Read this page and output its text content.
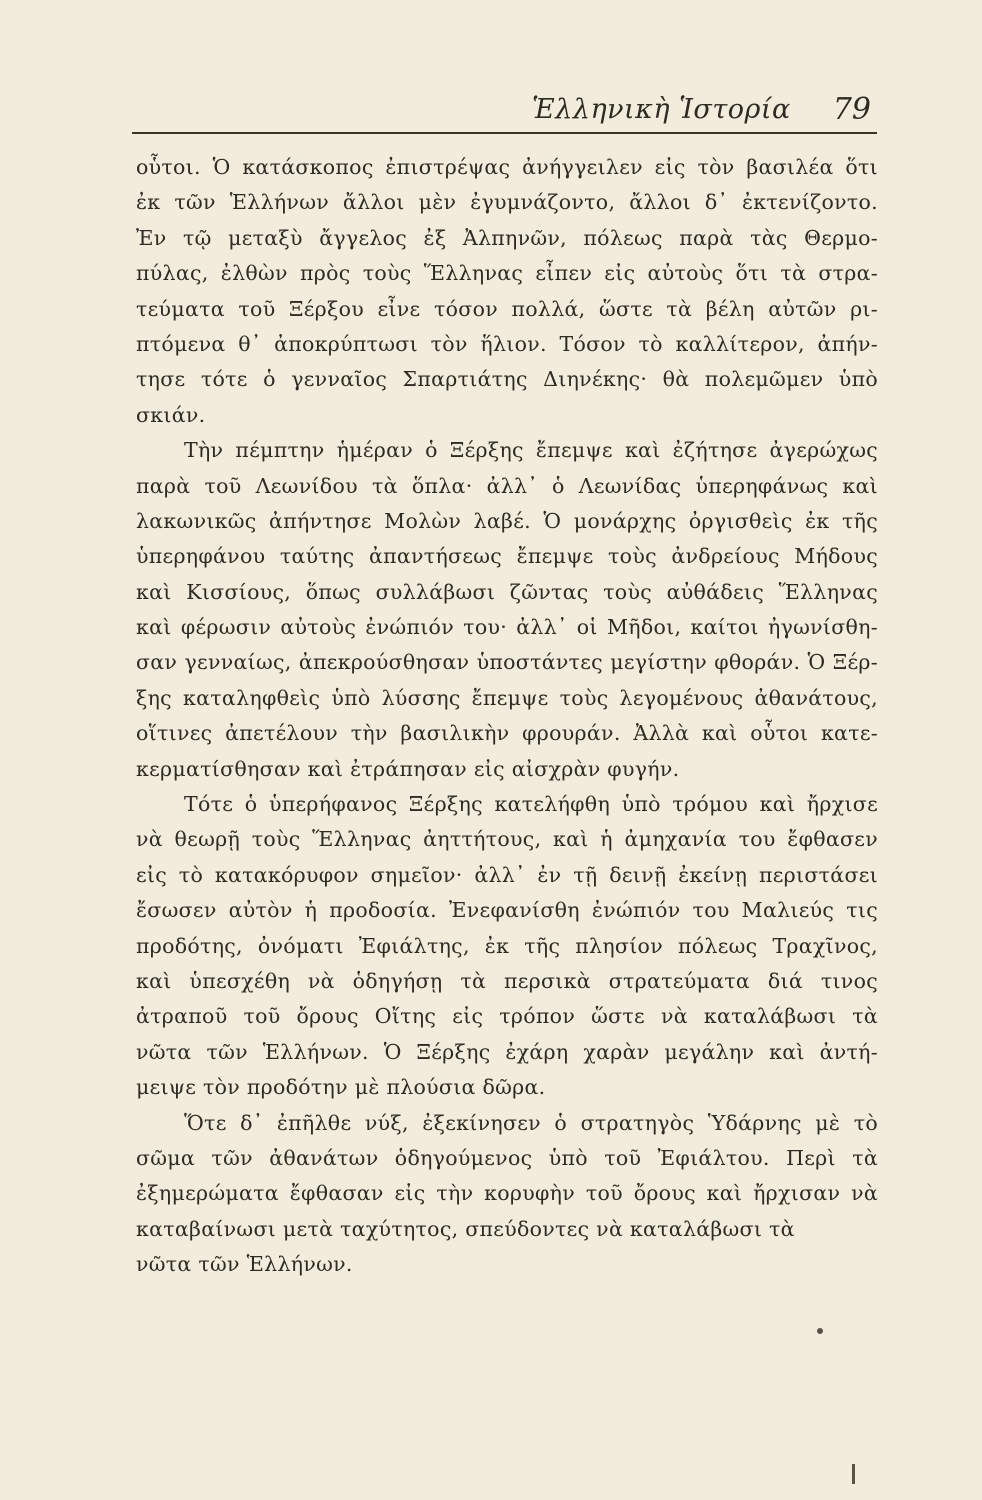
Ἑλληνικὴ Ἱστορία 79
οὗτοι. Ὁ κατάσκοπος ἐπιστρέψας ἀνήγγειλεν εἰς τὸν βασιλέα ὅτι
ἐκ τῶν Ἑλλήνων ἄλλοι μὲν ἐγυμνάζοντο, ἄλλοι δ᾽ ἐκτενίζοντο.
Ἐν τῷ μεταξὺ ἄγγελος ἐξ Ἀλπηνῶν, πόλεως παρὰ τὰς Θερμο-
πύλας, ἐλθὼν πρὸς τοὺς Ἕλληνας εἶπεν εἰς αὐτοὺς ὅτι τὰ στρα-
τεύματα τοῦ Ξέρξου εἶνε τόσον πολλά, ὥστε τὰ βέλη αὐτῶν ρι-
πτόμενα θ᾽ ἀποκρύπτωσι τὸν ἥλιον. Τόσον τὸ καλλίτερον, ἀπήν-
τησε τότε ὁ γενναῖος Σπαρτιάτης Διηνέκης· θὰ πολεμῶμεν ὑπὸ
σκιάν.
Τὴν πέμπτην ἡμέραν ὁ Ξέρξης ἔπεμψε καὶ ἐζήτησε ἀγερώχως
παρὰ τοῦ Λεωνίδου τὰ ὅπλα· ἀλλ᾽ ὁ Λεωνίδας ὑπερηφάνως καὶ
λακωνικῶς ἀπήντησε Μολὼν λαβέ. Ὁ μονάρχης ὀργισθεὶς ἐκ τῆς
ὑπερηφάνου ταύτης ἀπαντήσεως ἔπεμψε τοὺς ἀνδρείους Μήδους
καὶ Κισσίους, ὅπως συλλάβωσι ζῶντας τοὺς αὐθάδεις Ἕλληνας
καὶ φέρωσιν αὐτοὺς ἐνώπιόν του· ἀλλ᾽ οἱ Μῆδοι, καίτοι ἠγωνίσθη-
σαν γενναίως, ἀπεκρούσθησαν ὑποστάντες μεγίστην φθοράν. Ὁ Ξέρ-
ξης καταληφθεὶς ὑπὸ λύσσης ἔπεμψε τοὺς λεγομένους ἀθανάτους,
οἵτινες ἀπετέλουν τὴν βασιλικὴν φρουράν. Ἀλλὰ καὶ οὗτοι κατε-
κερματίσθησαν καὶ ἐτράπησαν εἰς αἰσχρὰν φυγήν.
Τότε ὁ ὑπερήφανος Ξέρξης κατελήφθη ὑπὸ τρόμου καὶ ἤρχισε
νὰ θεωρῇ τοὺς Ἕλληνας ἀηττήτους, καὶ ἡ ἀμηχανία του ἔφθασεν
εἰς τὸ κατακόρυφον σημεῖον· ἀλλ᾽ ἐν τῇ δεινῇ ἐκείνῃ περιστάσει
ἔσωσεν αὐτὸν ἡ προδοσία. Ἐνεφανίσθη ἐνώπιόν του Μαλιεύς τις
προδότης, ὀνόματι Ἐφιάλτης, ἐκ τῆς πλησίον πόλεως Τραχῖνος,
καὶ ὑπεσχέθη νὰ ὁδηγήσῃ τὰ περσικὰ στρατεύματα διά τινος
ἀτραποῦ τοῦ ὄρους Οἴτης εἰς τρόπον ὥστε νὰ καταλάβωσι τὰ
νῶτα τῶν Ἑλλήνων. Ὁ Ξέρξης ἐχάρη χαρὰν μεγάλην καὶ ἀντή-
μειψε τὸν προδότην μὲ πλούσια δῶρα.
Ὅτε δ᾽ ἐπῆλθε νύξ, ἐξεκίνησεν ὁ στρατηγὸς Ὑδάρνης μὲ τὸ
σῶμα τῶν ἀθανάτων ὁδηγούμενος ὑπὸ τοῦ Ἐφιάλτου. Περὶ τὰ
ἐξημερώματα ἔφθασαν εἰς τὴν κορυφὴν τοῦ ὄρους καὶ ἤρχισαν νὰ
καταβαίνωσι μετὰ ταχύτητος, σπεύδοντες νὰ καταλάβωσι τὰ
νῶτα τῶν Ἑλλήνων.
